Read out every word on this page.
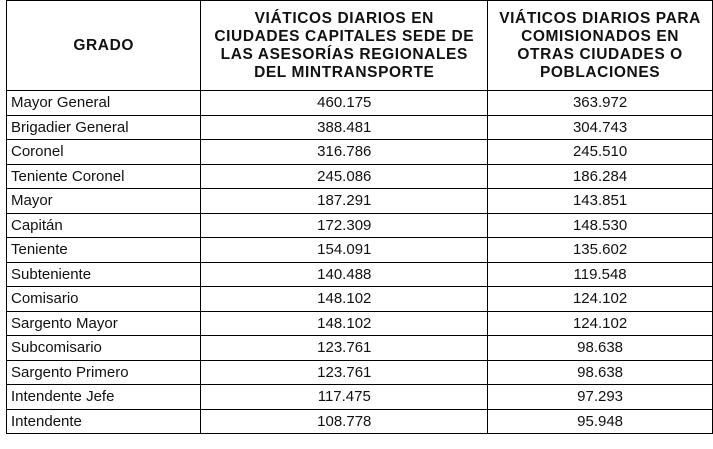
GRADO	VIÁTICOS DIARIOS EN
CIUDADES CAPITALES SEDE DE
LAS ASESORÍAS REGIONALES
DEL MINTRANSPORTE	VIÁTICOS DIARIOS PARA
COMISIONADOS EN
OTRAS CIUDADES O
POBLACIONES

Mayor General	460.175	363.972
Brigadier General	388.481	304.743
Coronel	316.786	245.510
Teniente Coronel	245.086	186.284
Mayor	187.291	143.851
Capitán	172.309	148.530
Teniente	154.091	135.602
Subteniente	140.488	119.548
Comisario	148.102	124.102
Sargento Mayor	148.102	124.102
Subcomisario	123.761	98.638
Sargento Primero	123.761	98.638
Intendente Jefe	117.475	97.293
Intendente	108.778	95.948
